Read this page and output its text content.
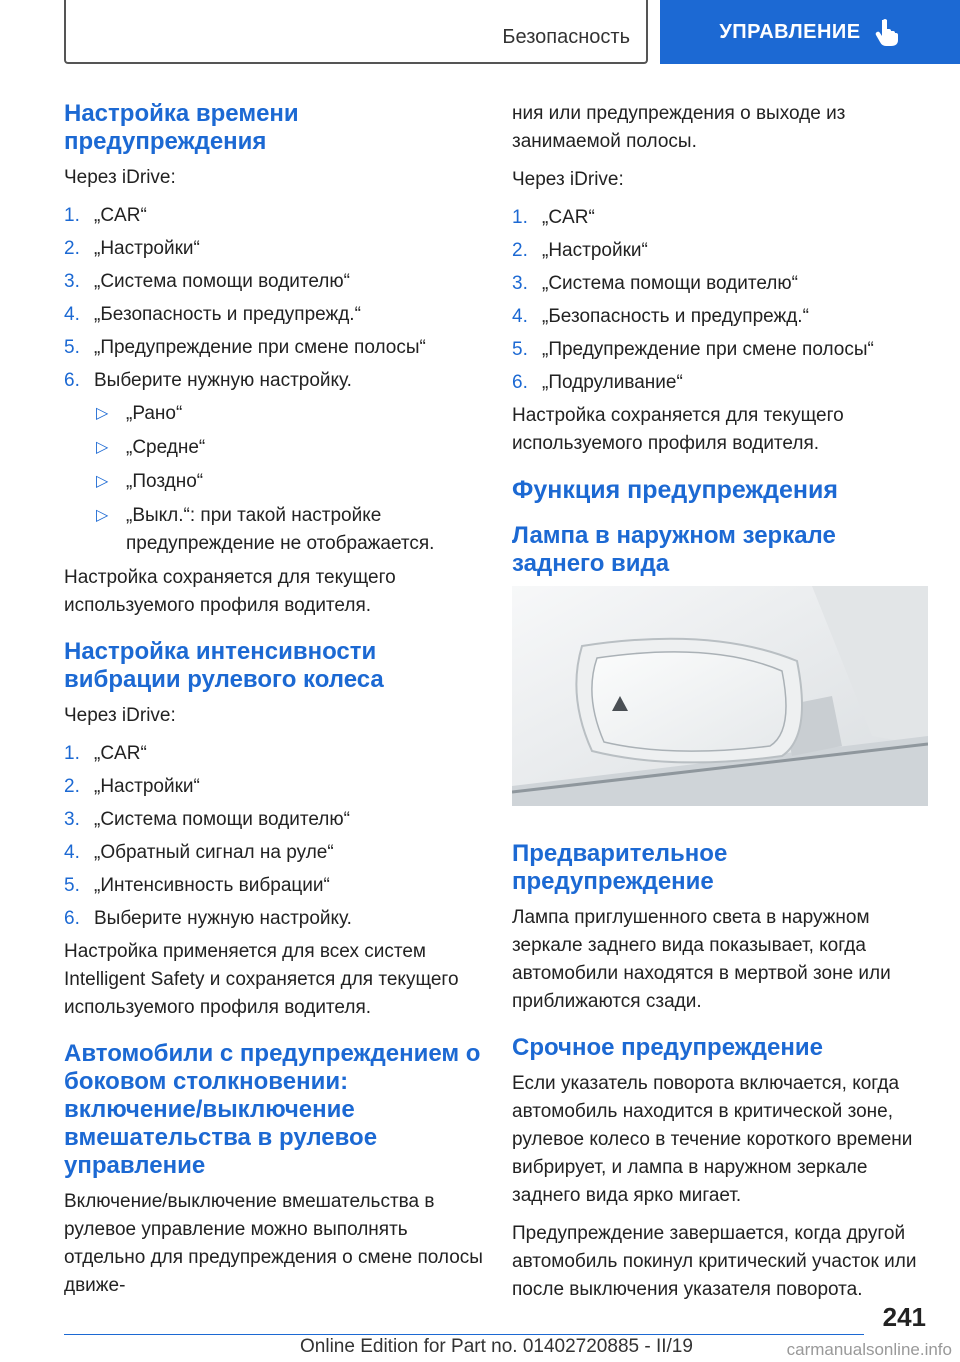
Безопасность	УПРАВЛЕНИЕ
Настройка времени предупреждения

Через iDrive:

1. „CAR“
2. „Настройки“
3. „Система помощи водителю“
4. „Безопасность и предупрежд.“
5. „Предупреждение при смене полосы“
6. Выберите нужную настройку.
▷ „Рано“
▷ „Средне“
▷ „Поздно“
▷ „Выкл.“: при такой настройке предупреждение не отображается.

Настройка сохраняется для текущего используемого профиля водителя.

Настройка интенсивности вибрации рулевого колеса

Через iDrive:

1. „CAR“
2. „Настройки“
3. „Система помощи водителю“
4. „Обратный сигнал на руле“
5. „Интенсивность вибрации“
6. Выберите нужную настройку.

Настройка применяется для всех систем Intelligent Safety и сохраняется для текущего используемого профиля водителя.

Автомобили с предупреждением о боковом столкновении: включение/выключение вмешательства в рулевое управление

Включение/выключение вмешательства в рулевое управление можно выполнять отдельно для предупреждения о смене полосы движе-

ния или предупреждения о выходе из занимаемой полосы.

Через iDrive:

1. „CAR“
2. „Настройки“
3. „Система помощи водителю“
4. „Безопасность и предупрежд.“
5. „Предупреждение при смене полосы“
6. „Подруливание“

Настройка сохраняется для текущего используемого профиля водителя.

Функция предупреждения
Лампа в наружном зеркале заднего вида
Предварительное предупреждение

Лампа приглушенного света в наружном зеркале заднего вида показывает, когда автомобили находятся в мертвой зоне или приближаются сзади.

Срочное предупреждение

Если указатель поворота включается, когда автомобиль находится в критической зоне, рулевое колесо в течение короткого времени вибрирует, и лампа в наружном зеркале заднего вида ярко мигает.

Предупреждение завершается, когда другой автомобиль покинул критический участок или после выключения указателя поворота.

241
Online Edition for Part no. 01402720885 - II/19	carmanualsonline.info
